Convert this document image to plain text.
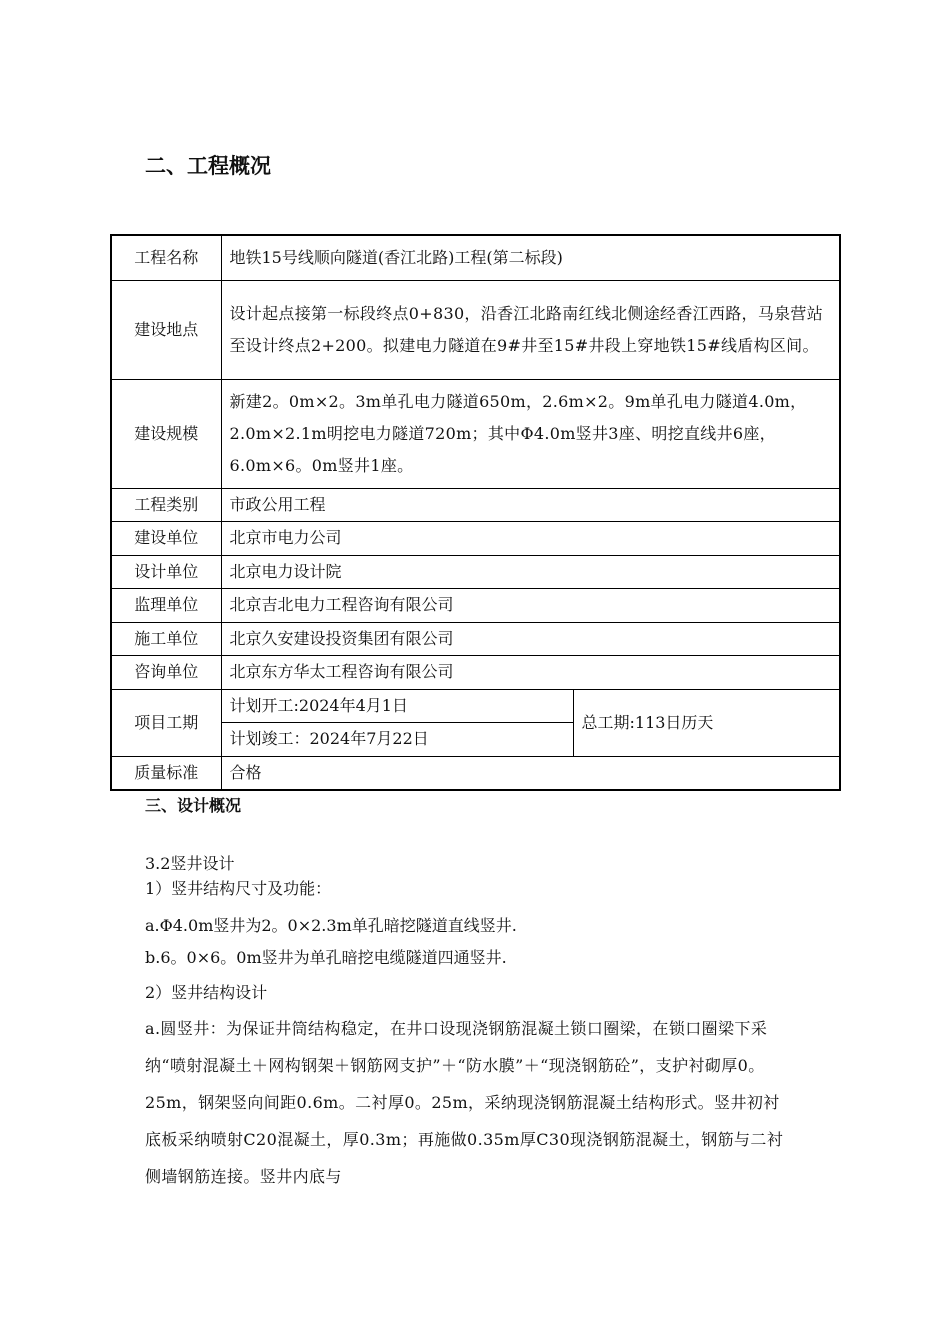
二、工程概况
工程名称	地铁15号线顺向隧道(香江北路)工程(第二标段)	
建设地点	设计起点接第一标段终点0+830，沿香江北路南红线北侧途经香江西路，马泉营站至设计终点2+200。拟建电力隧道在9#井至15#井段上穿地铁15#线盾构区间。	
建设规模	新建2。0m×2。3m单孔电力隧道650m，2.6m×2。9m单孔电力隧道4.0m，2.0m×2.1m明挖电力隧道720m；其中Φ4.0m竖井3座、明挖直线井6座，6.0m×6。0m竖井1座。	
工程类别	市政公用工程	
建设单位	北京市电力公司	
设计单位	北京电力设计院	
监理单位	北京吉北电力工程咨询有限公司	
施工单位	北京久安建设投资集团有限公司	
咨询单位	北京东方华太工程咨询有限公司	
项目工期	计划开工:2024年4月1日	总工期:113日历天
	计划竣工：2024年7月22日	
质量标准	合格	
三、设计概况
3.2竖井设计
1）竖井结构尺寸及功能：
a.Φ4.0m竖井为2。0×2.3m单孔暗挖隧道直线竖井.
b.6。0×6。0m竖井为单孔暗挖电缆隧道四通竖井.
2）竖井结构设计
a.圆竖井：为保证井筒结构稳定，在井口设现浇钢筋混凝土锁口圈梁，在锁口圈梁下采纳“喷射混凝土＋网构钢架＋钢筋网支护”＋“防水膜”＋“现浇钢筋砼”，支护衬砌厚0。25m，钢架竖向间距0.6m。二衬厚0。25m，采纳现浇钢筋混凝土结构形式。竖井初衬底板采纳喷射C20混凝土，厚0.3m；再施做0.35m厚C30现浇钢筋混凝土，钢筋与二衬侧墙钢筋连接。竖井内底与
